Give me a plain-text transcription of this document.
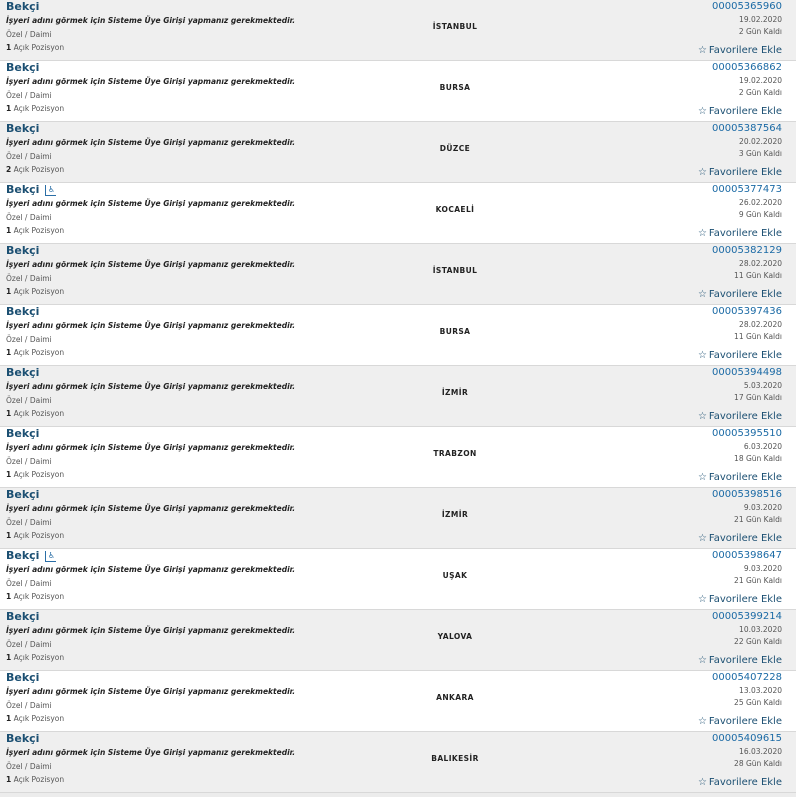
Bekçi
İşyeri adını görmek için Sisteme Üye Girişi yapmanız gerekmektedir.
Özel / Daimi
1 Açık Pozisyon
İSTANBUL
00005365960
19.02.2020
2 Gün Kaldı
☆ Favorilere Ekle
Bekçi
İşyeri adını görmek için Sisteme Üye Girişi yapmanız gerekmektedir.
Özel / Daimi
1 Açık Pozisyon
BURSA
00005366862
19.02.2020
2 Gün Kaldı
☆ Favorilere Ekle
Bekçi
İşyeri adını görmek için Sisteme Üye Girişi yapmanız gerekmektedir.
Özel / Daimi
2 Açık Pozisyon
DÜZCE
00005387564
20.02.2020
3 Gün Kaldı
☆ Favorilere Ekle
Bekçi	♿
İşyeri adını görmek için Sisteme Üye Girişi yapmanız gerekmektedir.
Özel / Daimi
1 Açık Pozisyon
KOCAELİ
00005377473
26.02.2020
9 Gün Kaldı
☆ Favorilere Ekle
Bekçi
İşyeri adını görmek için Sisteme Üye Girişi yapmanız gerekmektedir.
Özel / Daimi
1 Açık Pozisyon
İSTANBUL
00005382129
28.02.2020
11 Gün Kaldı
☆ Favorilere Ekle
Bekçi
İşyeri adını görmek için Sisteme Üye Girişi yapmanız gerekmektedir.
Özel / Daimi
1 Açık Pozisyon
BURSA
00005397436
28.02.2020
11 Gün Kaldı
☆ Favorilere Ekle
Bekçi
İşyeri adını görmek için Sisteme Üye Girişi yapmanız gerekmektedir.
Özel / Daimi
1 Açık Pozisyon
İZMİR
00005394498
5.03.2020
17 Gün Kaldı
☆ Favorilere Ekle
Bekçi
İşyeri adını görmek için Sisteme Üye Girişi yapmanız gerekmektedir.
Özel / Daimi
1 Açık Pozisyon
TRABZON
00005395510
6.03.2020
18 Gün Kaldı
☆ Favorilere Ekle
Bekçi
İşyeri adını görmek için Sisteme Üye Girişi yapmanız gerekmektedir.
Özel / Daimi
1 Açık Pozisyon
İZMİR
00005398516
9.03.2020
21 Gün Kaldı
☆ Favorilere Ekle
Bekçi	♿
İşyeri adını görmek için Sisteme Üye Girişi yapmanız gerekmektedir.
Özel / Daimi
1 Açık Pozisyon
UŞAK
00005398647
9.03.2020
21 Gün Kaldı
☆ Favorilere Ekle
Bekçi
İşyeri adını görmek için Sisteme Üye Girişi yapmanız gerekmektedir.
Özel / Daimi
1 Açık Pozisyon
YALOVA
00005399214
10.03.2020
22 Gün Kaldı
☆ Favorilere Ekle
Bekçi
İşyeri adını görmek için Sisteme Üye Girişi yapmanız gerekmektedir.
Özel / Daimi
1 Açık Pozisyon
ANKARA
00005407228
13.03.2020
25 Gün Kaldı
☆ Favorilere Ekle
Bekçi
İşyeri adını görmek için Sisteme Üye Girişi yapmanız gerekmektedir.
Özel / Daimi
1 Açık Pozisyon
BALIKESİR
00005409615
16.03.2020
28 Gün Kaldı
☆ Favorilere Ekle
